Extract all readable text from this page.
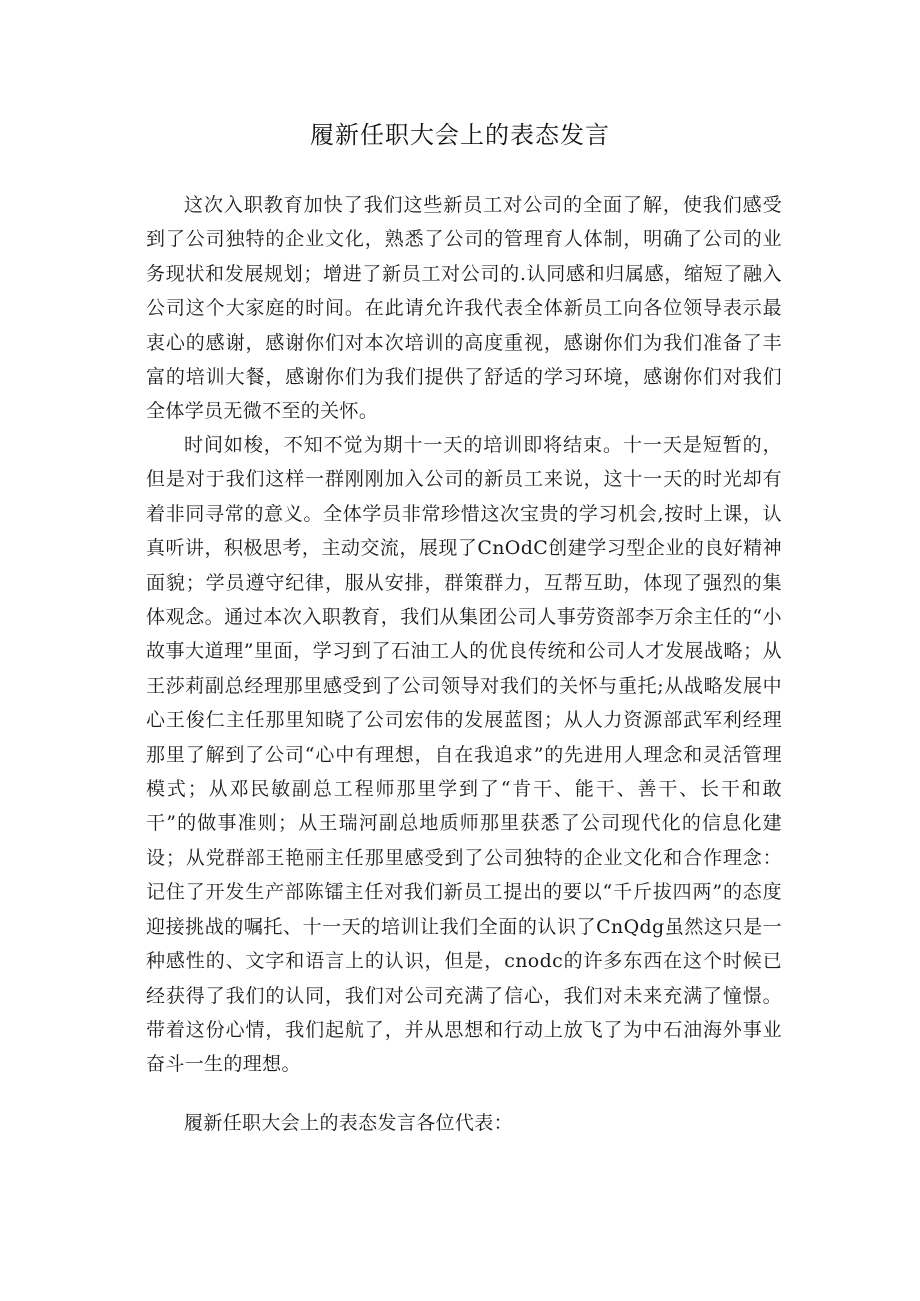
履新任职大会上的表态发言

这次入职教育加快了我们这些新员工对公司的全面了解，使我们感受到了公司独特的企业文化，熟悉了公司的管理育人体制，明确了公司的业务现状和发展规划；增进了新员工对公司的.认同感和归属感，缩短了融入公司这个大家庭的时间。在此请允许我代表全体新员工向各位领导表示最衷心的感谢，感谢你们对本次培训的高度重视，感谢你们为我们准备了丰富的培训大餐，感谢你们为我们提供了舒适的学习环境，感谢你们对我们全体学员无微不至的关怀。

时间如梭，不知不觉为期十一天的培训即将结束。十一天是短暂的，但是对于我们这样一群刚刚加入公司的新员工来说，这十一天的时光却有着非同寻常的意义。全体学员非常珍惜这次宝贵的学习机会,按时上课，认真听讲，积极思考，主动交流，展现了CnOdC创建学习型企业的良好精神面貌；学员遵守纪律，服从安排，群策群力，互帮互助，体现了强烈的集体观念。通过本次入职教育，我们从集团公司人事劳资部李万余主任的“小故事大道理”里面，学习到了石油工人的优良传统和公司人才发展战略；从王莎莉副总经理那里感受到了公司领导对我们的关怀与重托;从战略发展中心王俊仁主任那里知晓了公司宏伟的发展蓝图；从人力资源部武军利经理那里了解到了公司“心中有理想，自在我追求”的先进用人理念和灵活管理模式；从邓民敏副总工程师那里学到了“肯干、能干、善干、长干和敢干”的做事准则；从王瑞河副总地质师那里获悉了公司现代化的信息化建设；从党群部王艳丽主任那里感受到了公司独特的企业文化和合作理念：记住了开发生产部陈镭主任对我们新员工提出的要以“千斤拔四两”的态度迎接挑战的嘱托、十一天的培训让我们全面的认识了CnQdg虽然这只是一种感性的、文字和语言上的认识，但是，cnodc的许多东西在这个时候已经获得了我们的认同，我们对公司充满了信心，我们对未来充满了憧憬。带着这份心情，我们起航了，并从思想和行动上放飞了为中石油海外事业奋斗一生的理想。

履新任职大会上的表态发言各位代表：
